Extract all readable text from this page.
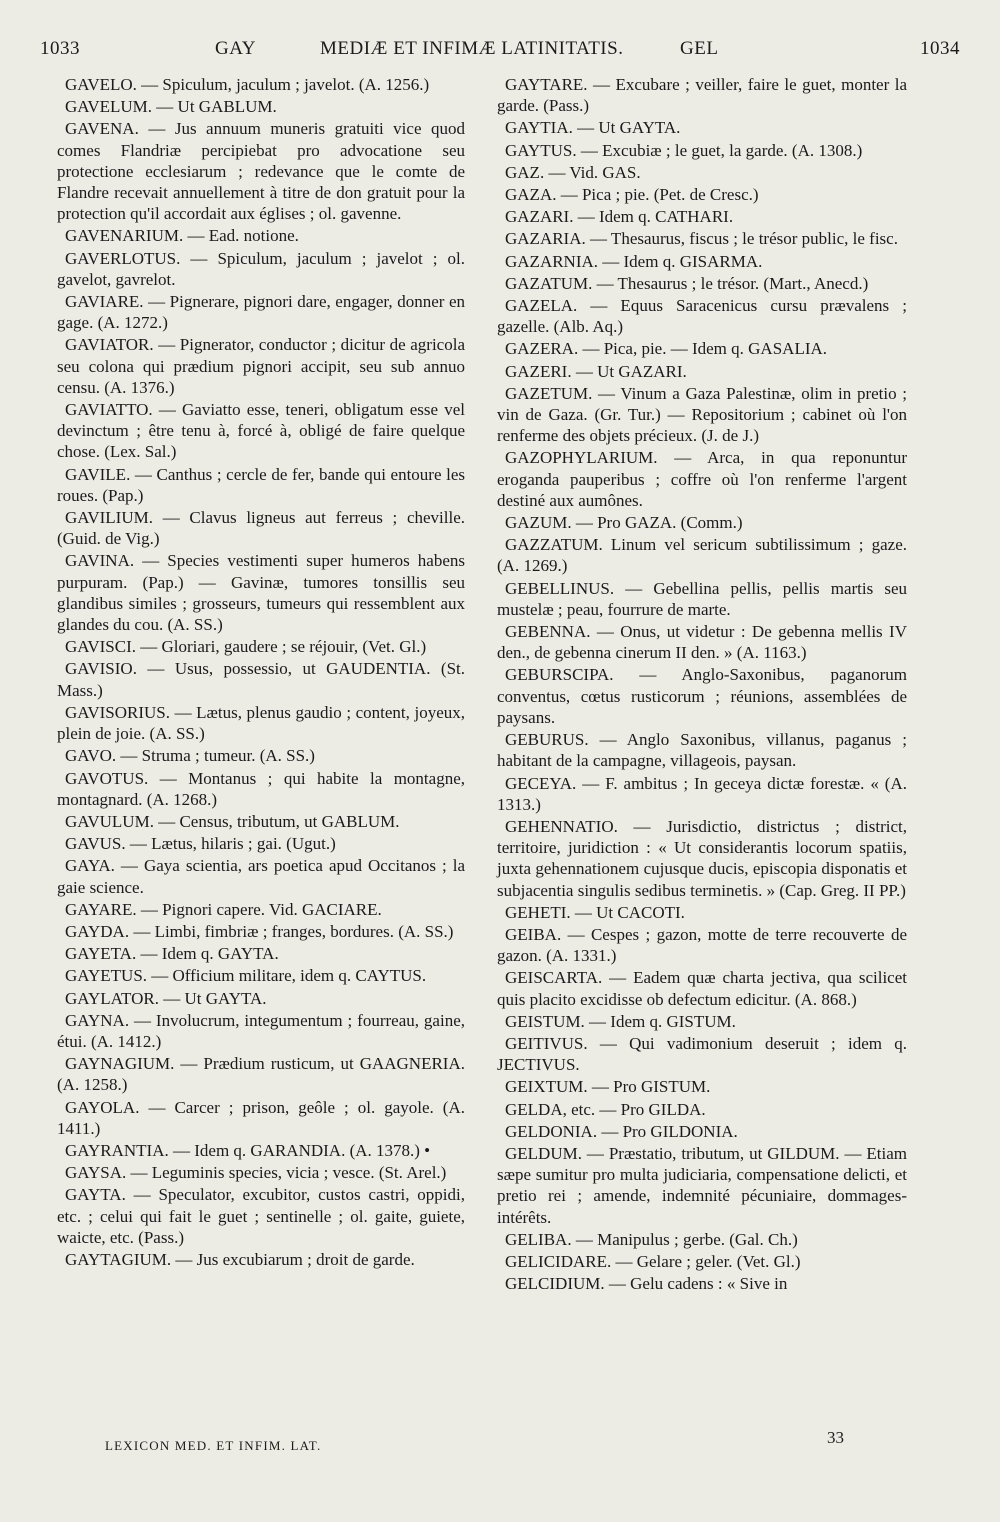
1033	GAY	MEDIÆ ET INFIMÆ LATINITATIS.	GEL	1034

GAVELO. — Spiculum, jaculum ; javelot. (A. 1256.)

GAVELUM. — Ut GABLUM.

GAVENA. — Jus annuum muneris gratuiti vice quod comes Flandriæ percipiebat pro advocatione seu protectione ecclesiarum ; redevance que le comte de Flandre recevait annuellement à titre de don gratuit pour la protection qu'il accordait aux églises ; ol. gavenne.

GAVENARIUM. — Ead. notione.

GAVERLOTUS. — Spiculum, jaculum ; javelot ; ol. gavelot, gavrelot.

GAVIARE. — Pignerare, pignori dare, engager, donner en gage. (A. 1272.)

GAVIATOR. — Pignerator, conductor ; dicitur de agricola seu colona qui prædium pignori accipit, seu sub annuo censu. (A. 1376.)

GAVIATTO. — Gaviatto esse, teneri, obligatum esse vel devinctum ; être tenu à, forcé à, obligé de faire quelque chose. (Lex. Sal.)

GAVILE. — Canthus ; cercle de fer, bande qui entoure les roues. (Pap.)

GAVILIUM. — Clavus ligneus aut ferreus ; cheville. (Guid. de Vig.)

GAVINA. — Species vestimenti super humeros habens purpuram. (Pap.) — Gavinæ, tumores tonsillis seu glandibus similes ; grosseurs, tumeurs qui ressemblent aux glandes du cou. (A. SS.)

GAVISCI. — Gloriari, gaudere ; se réjouir, (Vet. Gl.)

GAVISIO. — Usus, possessio, ut GAUDENTIA. (St. Mass.)

GAVISORIUS. — Lætus, plenus gaudio ; content, joyeux, plein de joie. (A. SS.)

GAVO. — Struma ; tumeur. (A. SS.)

GAVOTUS. — Montanus ; qui habite la montagne, montagnard. (A. 1268.)

GAVULUM. — Census, tributum, ut GABLUM.

GAVUS. — Lætus, hilaris ; gai. (Ugut.)

GAYA. — Gaya scientia, ars poetica apud Occitanos ; la gaie science.

GAYARE. — Pignori capere. Vid. GACIARE.

GAYDA. — Limbi, fimbriæ ; franges, bordures. (A. SS.)

GAYETA. — Idem q. GAYTA.

GAYETUS. — Officium militare, idem q. CAYTUS.

GAYLATOR. — Ut GAYTA.

GAYNA. — Involucrum, integumentum ; fourreau, gaine, étui. (A. 1412.)

GAYNAGIUM. — Prædium rusticum, ut GAAGNERIA. (A. 1258.)

GAYOLA. — Carcer ; prison, geôle ; ol. gayole. (A. 1411.)

GAYRANTIA. — Idem q. GARANDIA. (A. 1378.) •

GAYSA. — Leguminis species, vicia ; vesce. (St. Arel.)

GAYTA. — Speculator, excubitor, custos castri, oppidi, etc. ; celui qui fait le guet ; sentinelle ; ol. gaite, guiete, waicte, etc. (Pass.)

GAYTAGIUM. — Jus excubiarum ; droit de garde.

GAYTARE. — Excubare ; veiller, faire le guet, monter la garde. (Pass.)

GAYTIA. — Ut GAYTA.

GAYTUS. — Excubiæ ; le guet, la garde. (A. 1308.)

GAZ. — Vid. GAS.

GAZA. — Pica ; pie. (Pet. de Cresc.)

GAZARI. — Idem q. CATHARI.

GAZARIA. — Thesaurus, fiscus ; le trésor public, le fisc.

GAZARNIA. — Idem q. GISARMA.

GAZATUM. — Thesaurus ; le trésor. (Mart., Anecd.)

GAZELA. — Equus Saracenicus cursu prævalens ; gazelle. (Alb. Aq.)

GAZERA. — Pica, pie. — Idem q. GASALIA.

GAZERI. — Ut GAZARI.

GAZETUM. — Vinum a Gaza Palestinæ, olim in pretio ; vin de Gaza. (Gr. Tur.) — Repositorium ; cabinet où l'on renferme des objets précieux. (J. de J.)

GAZOPHYLARIUM. — Arca, in qua reponuntur eroganda pauperibus ; coffre où l'on renferme l'argent destiné aux aumônes.

GAZUM. — Pro GAZA. (Comm.)

GAZZATUM. Linum vel sericum subtilissimum ; gaze. (A. 1269.)

GEBELLINUS. — Gebellina pellis, pellis martis seu mustelæ ; peau, fourrure de marte.

GEBENNA. — Onus, ut videtur : De gebenna mellis IV den., de gebenna cinerum II den. » (A. 1163.)

GEBURSCIPA. — Anglo-Saxonibus, paganorum conventus, cœtus rusticorum ; réunions, assemblées de paysans.

GEBURUS. — Anglo Saxonibus, villanus, paganus ; habitant de la campagne, villageois, paysan.

GECEYA. — F. ambitus ; In geceya dictæ forestæ. « (A. 1313.)

GEHENNATIO. — Jurisdictio, districtus ; district, territoire, juridiction : « Ut considerantis locorum spatiis, juxta gehennationem cujusque ducis, episcopia disponatis et subjacentia singulis sedibus terminetis. » (Cap. Greg. II PP.)

GEHETI. — Ut CACOTI.

GEIBA. — Cespes ; gazon, motte de terre recouverte de gazon. (A. 1331.)

GEISCARTA. — Eadem quæ charta jectiva, qua scilicet quis placito excidisse ob defectum edicitur. (A. 868.)

GEISTUM. — Idem q. GISTUM.

GEITIVUS. — Qui vadimonium deseruit ; idem q. JECTIVUS.

GEIXTUM. — Pro GISTUM.

GELDA, etc. — Pro GILDA.

GELDONIA. — Pro GILDONIA.

GELDUM. — Præstatio, tributum, ut GILDUM. — Etiam sæpe sumitur pro multa judiciaria, compensatione delicti, et pretio rei ; amende, indemnité pécuniaire, dommages-intérêts.

GELIBA. — Manipulus ; gerbe. (Gal. Ch.)

GELICIDARE. — Gelare ; geler. (Vet. Gl.)

GELCIDIUM. — Gelu cadens : « Sive in

LEXICON MED. ET INFIM. LAT.	33
